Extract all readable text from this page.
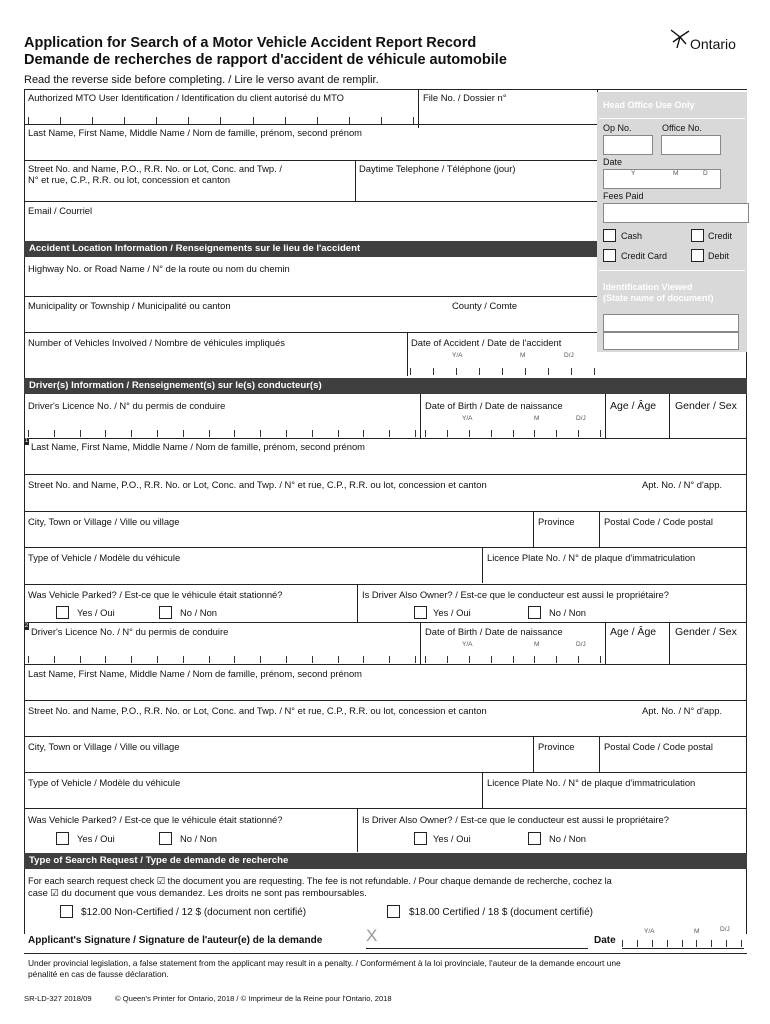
Application for Search of a Motor Vehicle Accident Report Record
Demande de recherches de rapport d'accident de véhicule automobile
Ontario
Read the reverse side before completing. / Lire le verso avant de remplir.
Authorized MTO User Identification / Identification du client autorisé du MTO	File No. / Dossier n°
Last Name, First Name, Middle Name / Nom de famille, prénom, second prénom
Street No. and Name, P.O., R.R. No. or Lot, Conc. and Twp. /
N° et rue, C.P., R.R. ou lot, concession et canton
Daytime Telephone / Téléphone (jour)
Email / Courriel
Accident Location Information / Renseignements sur le lieu de l'accident
Highway No. or Road Name / N° de la route ou nom du chemin
Municipality or Township / Municipalité ou canton	County / Comte
Number of Vehicles Involved / Nombre de véhicules impliqués	Date of Accident / Date de l'accident
Y/A	M	D/J
Head Office Use Only
Op No.	Office No.
Date
Y	M	D
Fees Paid
Cash	Credit
Credit Card	Debit
Identification Viewed
(State name of document)
Driver(s) Information / Renseignement(s) sur le(s) conducteur(s)
Driver's Licence No. / N° du permis de conduire	Date of Birth / Date de naissance
Y/A	M	D/J
Age / Âge Gender / Sex
1 Last Name, First Name, Middle Name / Nom de famille, prénom, second prénom
Street No. and Name, P.O., R.R. No. or Lot, Conc. and Twp. / N° et rue, C.P., R.R. ou lot, concession et canton	Apt. No. / N° d'app.
City, Town or Village / Ville ou village	Province	Postal Code / Code postal
Type of Vehicle / Modèle du véhicule	Licence Plate No. / N° de plaque d'immatriculation
Was Vehicle Parked? / Est-ce que le véhicule était stationné?	Is Driver Also Owner? / Est-ce que le conducteur est aussi le propriétaire?
Yes / Oui	No / Non	Yes / Oui	No / Non
2 Driver's Licence No. / N° du permis de conduire	Date of Birth / Date de naissance
Y/A	M	D/J
Age / Âge Gender / Sex
Last Name, First Name, Middle Name / Nom de famille, prénom, second prénom
Street No. and Name, P.O., R.R. No. or Lot, Conc. and Twp. / N° et rue, C.P., R.R. ou lot, concession et canton	Apt. No. / N° d'app.
City, Town or Village / Ville ou village	Province	Postal Code / Code postal
Type of Vehicle / Modèle du véhicule	Licence Plate No. / N° de plaque d'immatriculation
Was Vehicle Parked? / Est-ce que le véhicule était stationné?	Is Driver Also Owner? / Est-ce que le conducteur est aussi le propriétaire?
Yes / Oui	No / Non	Yes / Oui	No / Non
Type of Search Request / Type de demande de recherche
For each search request check ☑ the document you are requesting. The fee is not refundable. / Pour chaque demande de recherche, cochez la
case ☑ du document que vous demandez. Les droits ne sont pas remboursables.
$12.00 Non-Certified / 12 $ (document non certifié)	$18.00 Certified / 18 $ (document certifié)
Applicant's Signature / Signature de l'auteur(e) de la demande	X	Date
Y/A	M	D/J
Under provincial legislation, a false statement from the applicant may result in a penalty. / Conformément à la loi provinciale, l'auteur de la demande encourt une
pénalité en cas de fausse déclaration.
SR-LD-327 2018/09	© Queen's Printer for Ontario, 2018 / © Imprimeur de la Reine pour l'Ontario, 2018
